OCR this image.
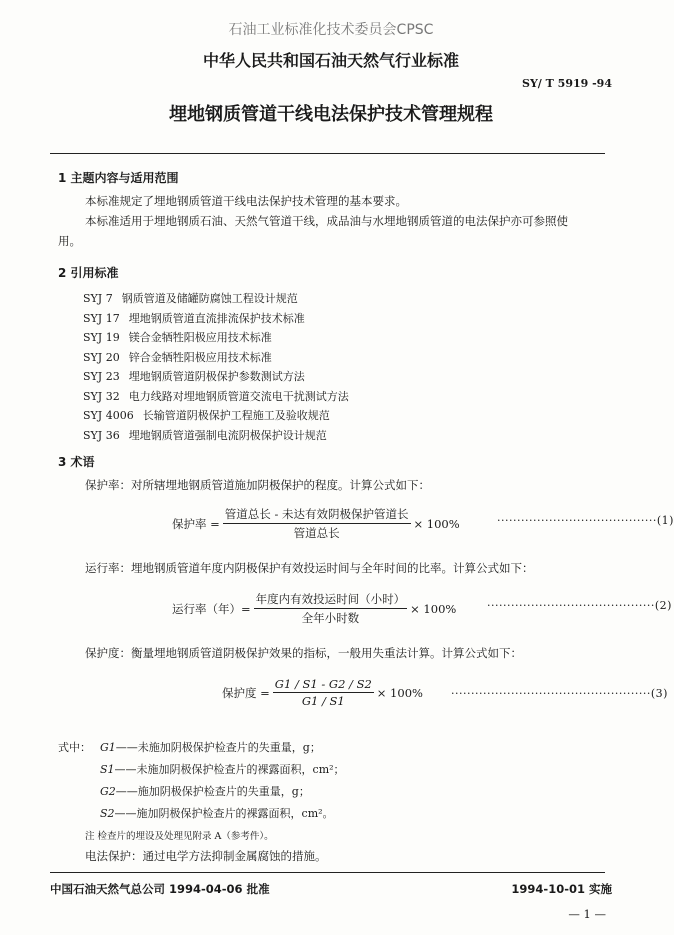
石油工业标准化技术委员会CPSC
中华人民共和国石油天然气行业标准
SY/ T 5919 -94
埋地钢质管道干线电法保护技术管理规程
1 主题内容与适用范围
本标准规定了埋地钢质管道干线电法保护技术管理的基本要求。
本标准适用于埋地钢质石油、天然气管道干线，成品油与水埋地钢质管道的电法保护亦可参照使
用。
2 引用标准
SYJ 7 钢质管道及储罐防腐蚀工程设计规范
SYJ 17 埋地钢质管道直流排流保护技术标准
SYJ 19 镁合金牺牲阳极应用技术标准
SYJ 20 锌合金牺牲阳极应用技术标准
SYJ 23 埋地钢质管道阴极保护参数测试方法
SYJ 32 电力线路对埋地钢质管道交流电干扰测试方法
SYJ 4006 长输管道阴极保护工程施工及验收规范
SYJ 36 埋地钢质管道强制电流阴极保护设计规范
3 术语
保护率：对所辖埋地钢质管道施加阴极保护的程度。计算公式如下：
保护率 = $\frac{\text{管道总长 - 未达有效阴极保护管道长}}{\text{管道总长}} \times 100\%$	········································(1)
运行率：埋地钢质管道年度内阴极保护有效投运时间与全年时间的比率。计算公式如下：
运行率（年）= $\frac{\text{年度内有效投运时间（小时）}}{\text{全年小时数}} \times 100\%$	··········································(2)
保护度：衡量埋地钢质管道阴极保护效果的指标，一般用失重法计算。计算公式如下：
保护度 = $\frac{G1 / S1 - G2 / S2}{G1 / S1} \times 100\%$	··················································(3)
式中： G1——未施加阴极保护检查片的失重量，g；
S1——未施加阴极保护检查片的裸露面积，cm²；
G2——施加阴极保护检查片的失重量，g；
S2——施加阴极保护检查片的裸露面积，cm²。
注 检查片的埋设及处理见附录 A（参考件）。
电法保护：通过电学方法抑制金属腐蚀的措施。
中国石油天然气总公司 1994-04-06 批准	1994-10-01 实施
— 1 —
